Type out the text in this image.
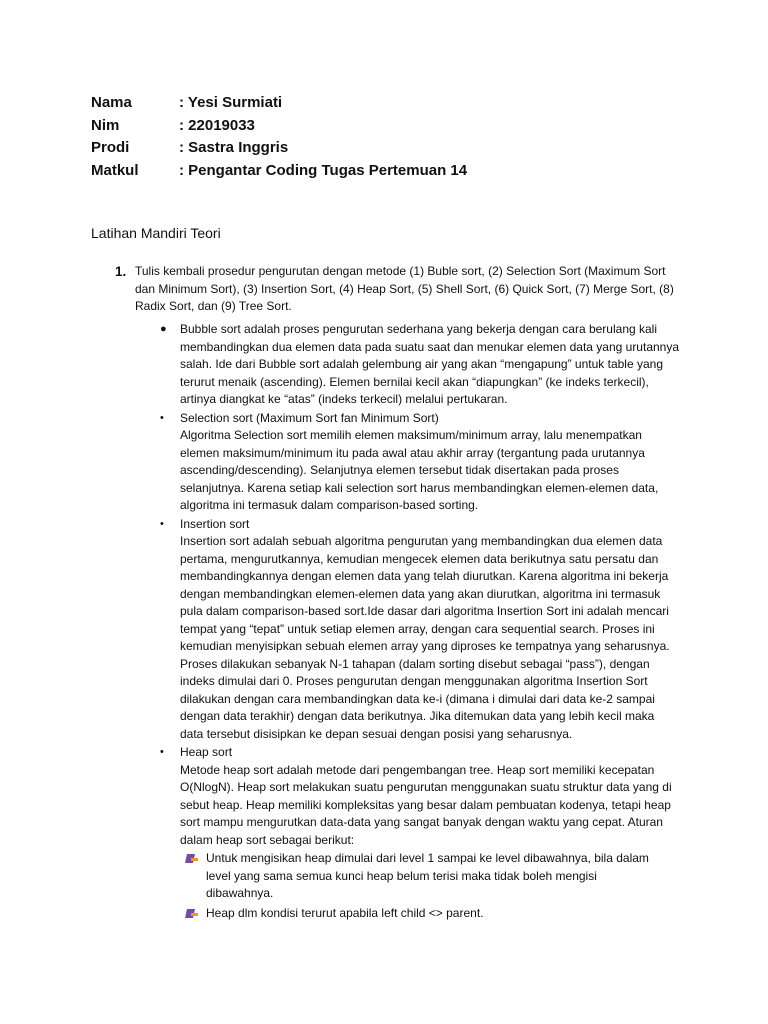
Nama	: Yesi Surmiati
Nim	: 22019033
Prodi	: Sastra Inggris
Matkul	: Pengantar Coding Tugas Pertemuan 14
Latihan Mandiri Teori
1. Tulis kembali prosedur pengurutan dengan metode (1) Buble sort, (2) Selection Sort (Maximum Sort dan Minimum Sort), (3) Insertion Sort, (4) Heap Sort, (5) Shell Sort, (6) Quick Sort, (7) Merge Sort, (8) Radix Sort, dan (9) Tree Sort.
●	Bubble sort adalah proses pengurutan sederhana yang bekerja dengan cara berulang kali membandingkan dua elemen data pada suatu saat dan menukar elemen data yang urutannya salah. Ide dari Bubble sort adalah gelembung air yang akan “mengapung” untuk table yang terurut menaik (ascending). Elemen bernilai kecil akan “diapungkan” (ke indeks terkecil), artinya diangkat ke “atas” (indeks terkecil) melalui pertukaran.
•	Selection sort (Maximum Sort fan Minimum Sort)
Algoritma Selection sort memilih elemen maksimum/minimum array, lalu menempatkan elemen maksimum/minimum itu pada awal atau akhir array (tergantung pada urutannya ascending/descending). Selanjutnya elemen tersebut tidak disertakan pada proses selanjutnya. Karena setiap kali selection sort harus membandingkan elemen-elemen data, algoritma ini termasuk dalam comparison-based sorting.
•	Insertion sort
Insertion sort adalah sebuah algoritma pengurutan yang membandingkan dua elemen data pertama, mengurutkannya, kemudian mengecek elemen data berikutnya satu persatu dan membandingkannya dengan elemen data yang telah diurutkan. Karena algoritma ini bekerja dengan membandingkan elemen-elemen data yang akan diurutkan, algoritma ini termasuk pula dalam comparison-based sort.Ide dasar dari algoritma Insertion Sort ini adalah mencari tempat yang “tepat” untuk setiap elemen array, dengan cara sequential search. Proses ini kemudian menyisipkan sebuah elemen array yang diproses ke tempatnya yang seharusnya. Proses dilakukan sebanyak N-1 tahapan (dalam sorting disebut sebagai “pass”), dengan indeks dimulai dari 0. Proses pengurutan dengan menggunakan algoritma Insertion Sort dilakukan dengan cara membandingkan data ke-i (dimana i dimulai dari data ke-2 sampai dengan data terakhir) dengan data berikutnya. Jika ditemukan data yang lebih kecil maka data tersebut disisipkan ke depan sesuai dengan posisi yang seharusnya.
•	Heap sort
Metode heap sort adalah metode dari pengembangan tree. Heap sort memiliki kecepatan O(NlogN). Heap sort melakukan suatu pengurutan menggunakan suatu struktur data yang di sebut heap. Heap memiliki kompleksitas yang besar dalam pembuatan kodenya, tetapi heap sort mampu mengurutkan data-data yang sangat banyak dengan waktu yang cepat. Aturan dalam heap sort sebagai berikut:
Untuk mengisikan heap dimulai dari level 1 sampai ke level dibawahnya, bila dalam level yang sama semua kunci heap belum terisi maka tidak boleh mengisi dibawahnya.
Heap dlm kondisi terurut apabila left child <> parent.
